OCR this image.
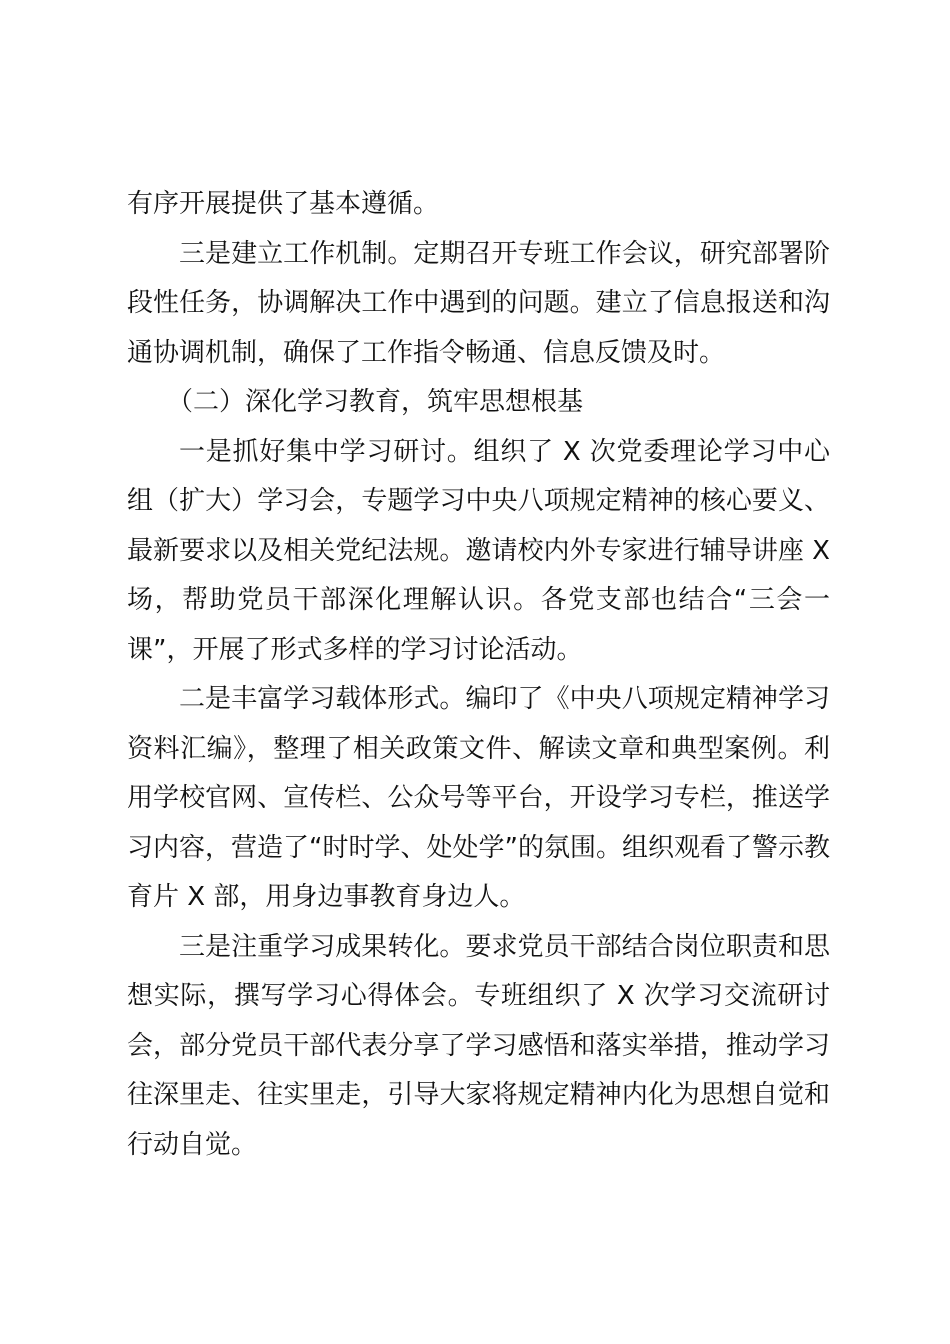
有序开展提供了基本遵循。

三是建立工作机制。定期召开专班工作会议，研究部署阶段性任务，协调解决工作中遇到的问题。建立了信息报送和沟通协调机制，确保了工作指令畅通、信息反馈及时。

（二）深化学习教育，筑牢思想根基

一是抓好集中学习研讨。组织了 X 次党委理论学习中心组（扩大）学习会，专题学习中央八项规定精神的核心要义、最新要求以及相关党纪法规。邀请校内外专家进行辅导讲座 X 场，帮助党员干部深化理解认识。各党支部也结合“三会一课”，开展了形式多样的学习讨论活动。

二是丰富学习载体形式。编印了《中央八项规定精神学习资料汇编》，整理了相关政策文件、解读文章和典型案例。利用学校官网、宣传栏、公众号等平台，开设学习专栏，推送学习内容，营造了“时时学、处处学”的氛围。组织观看了警示教育片 X 部，用身边事教育身边人。

三是注重学习成果转化。要求党员干部结合岗位职责和思想实际，撰写学习心得体会。专班组织了 X 次学习交流研讨会，部分党员干部代表分享了学习感悟和落实举措，推动学习往深里走、往实里走，引导大家将规定精神内化为思想自觉和行动自觉。
